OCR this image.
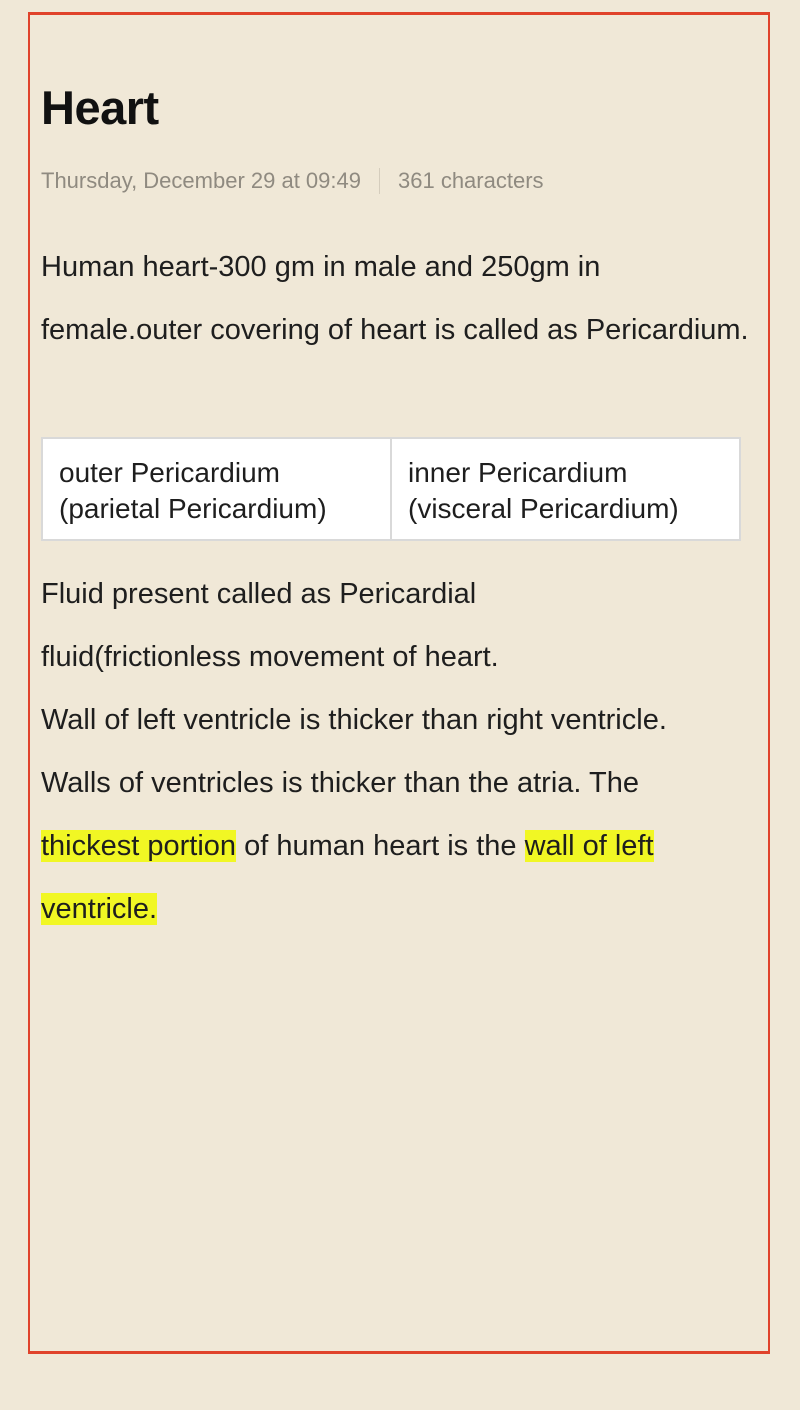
Heart
Thursday, December 29 at 09:49 361 characters
Human heart-300 gm in male and 250gm in female.outer covering of heart is called as Pericardium.
outer Pericardium
(parietal Pericardium)
inner Pericardium
(visceral Pericardium)
Fluid present called as Pericardial
fluid(frictionless movement of heart.
Wall of left ventricle is thicker than right ventricle.
Walls of ventricles is thicker than the atria. The
thickest portion of human heart is the wall of left ventricle.
